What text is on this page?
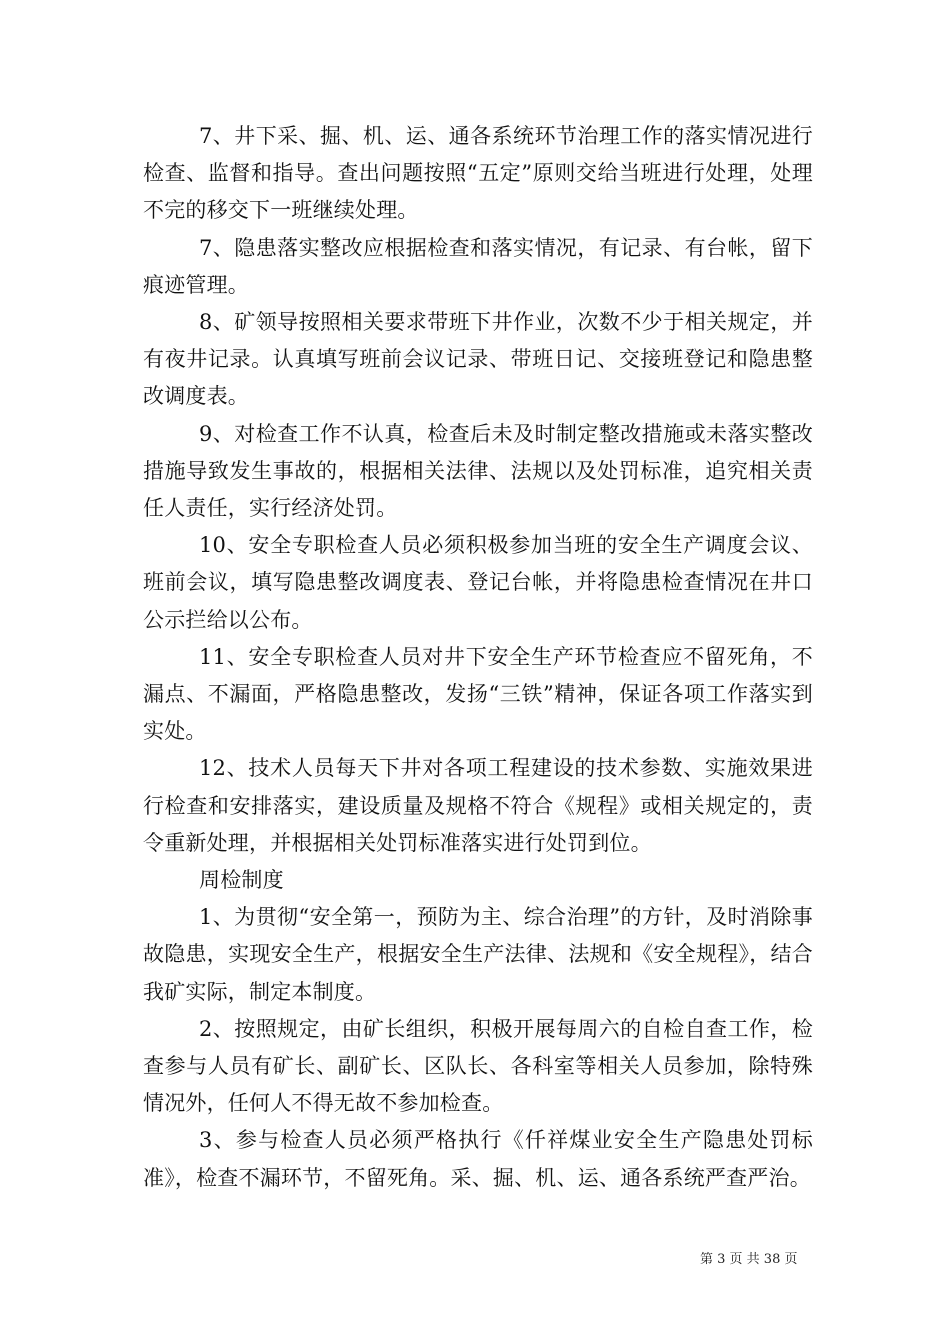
7、井下采、掘、机、运、通各系统环节治理工作的落实情况进行检查、监督和指导。查出问题按照“五定”原则交给当班进行处理，处理不完的移交下一班继续处理。

7、隐患落实整改应根据检查和落实情况，有记录、有台帐，留下痕迹管理。

8、矿领导按照相关要求带班下井作业，次数不少于相关规定，并有夜井记录。认真填写班前会议记录、带班日记、交接班登记和隐患整改调度表。

9、对检查工作不认真，检查后未及时制定整改措施或未落实整改措施导致发生事故的，根据相关法律、法规以及处罚标准，追究相关责任人责任，实行经济处罚。

10、安全专职检查人员必须积极参加当班的安全生产调度会议、班前会议，填写隐患整改调度表、登记台帐，并将隐患检查情况在井口公示拦给以公布。

11、安全专职检查人员对井下安全生产环节检查应不留死角，不漏点、不漏面，严格隐患整改，发扬“三铁”精神，保证各项工作落实到实处。

12、技术人员每天下井对各项工程建设的技术参数、实施效果进行检查和安排落实，建设质量及规格不符合《规程》或相关规定的，责令重新处理，并根据相关处罚标准落实进行处罚到位。

周检制度

1、为贯彻“安全第一，预防为主、综合治理”的方针，及时消除事故隐患，实现安全生产，根据安全生产法律、法规和《安全规程》，结合我矿实际，制定本制度。

2、按照规定，由矿长组织，积极开展每周六的自检自查工作，检查参与人员有矿长、副矿长、区队长、各科室等相关人员参加，除特殊情况外，任何人不得无故不参加检查。

3、参与检查人员必须严格执行《仟祥煤业安全生产隐患处罚标准》，检查不漏环节，不留死角。采、掘、机、运、通各系统严查严治。

第 3 页 共 38 页
